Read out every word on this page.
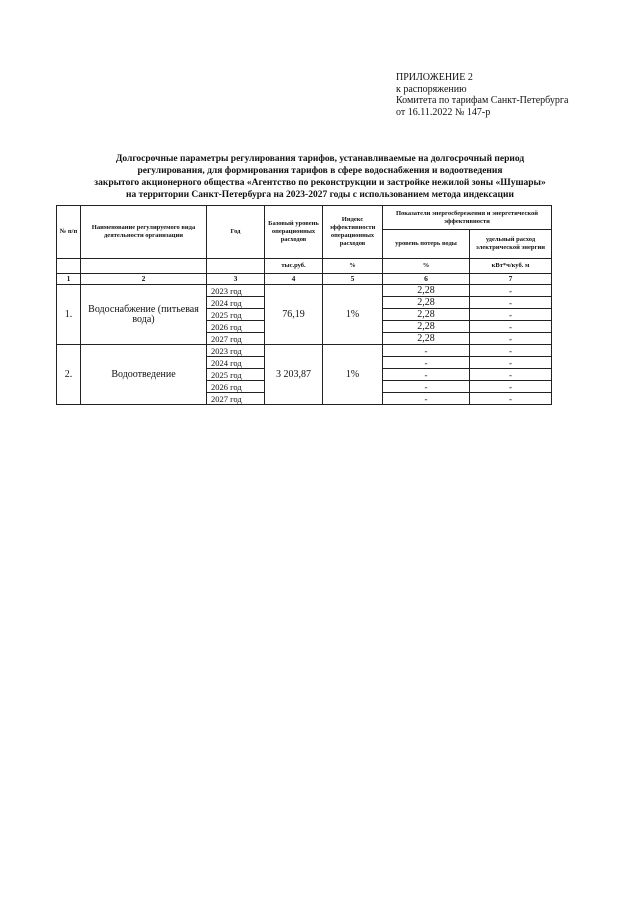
ПРИЛОЖЕНИЕ 2
к распоряжению
Комитета по тарифам Санкт-Петербурга
от 16.11.2022 № 147-р
Долгосрочные параметры регулирования тарифов, устанавливаемые на долгосрочный период
регулирования, для формирования тарифов в сфере водоснабжения и водоотведения
закрытого акционерного общества «Агентство по реконструкции и застройке нежилой зоны «Шушары»
на территории Санкт-Петербурга на 2023-2027 годы с использованием метода индексации
№ п/п	Наименование регулируемого вида деятельности организации	Год	Базовый уровень операционных расходов	Индекс эффективности операционных расходов	Показатели энергосбережения и энергетической эффективности	
					уровень потерь воды	удельный расход электрической энергии
			тыс.руб.	%	%	кВт*ч/куб. м
1	2	3	4	5	6	7
1.	Водоснабжение (питьевая вода)	2023 год	76,19	1%	2,28	-
		2024 год			2,28	-
		2025 год			2,28	-
		2026 год			2,28	-
		2027 год			2,28	-
2.	Водоотведение	2023 год	3 203,87	1%	-	-
		2024 год			-	-
		2025 год			-	-
		2026 год			-	-
		2027 год			-	-
